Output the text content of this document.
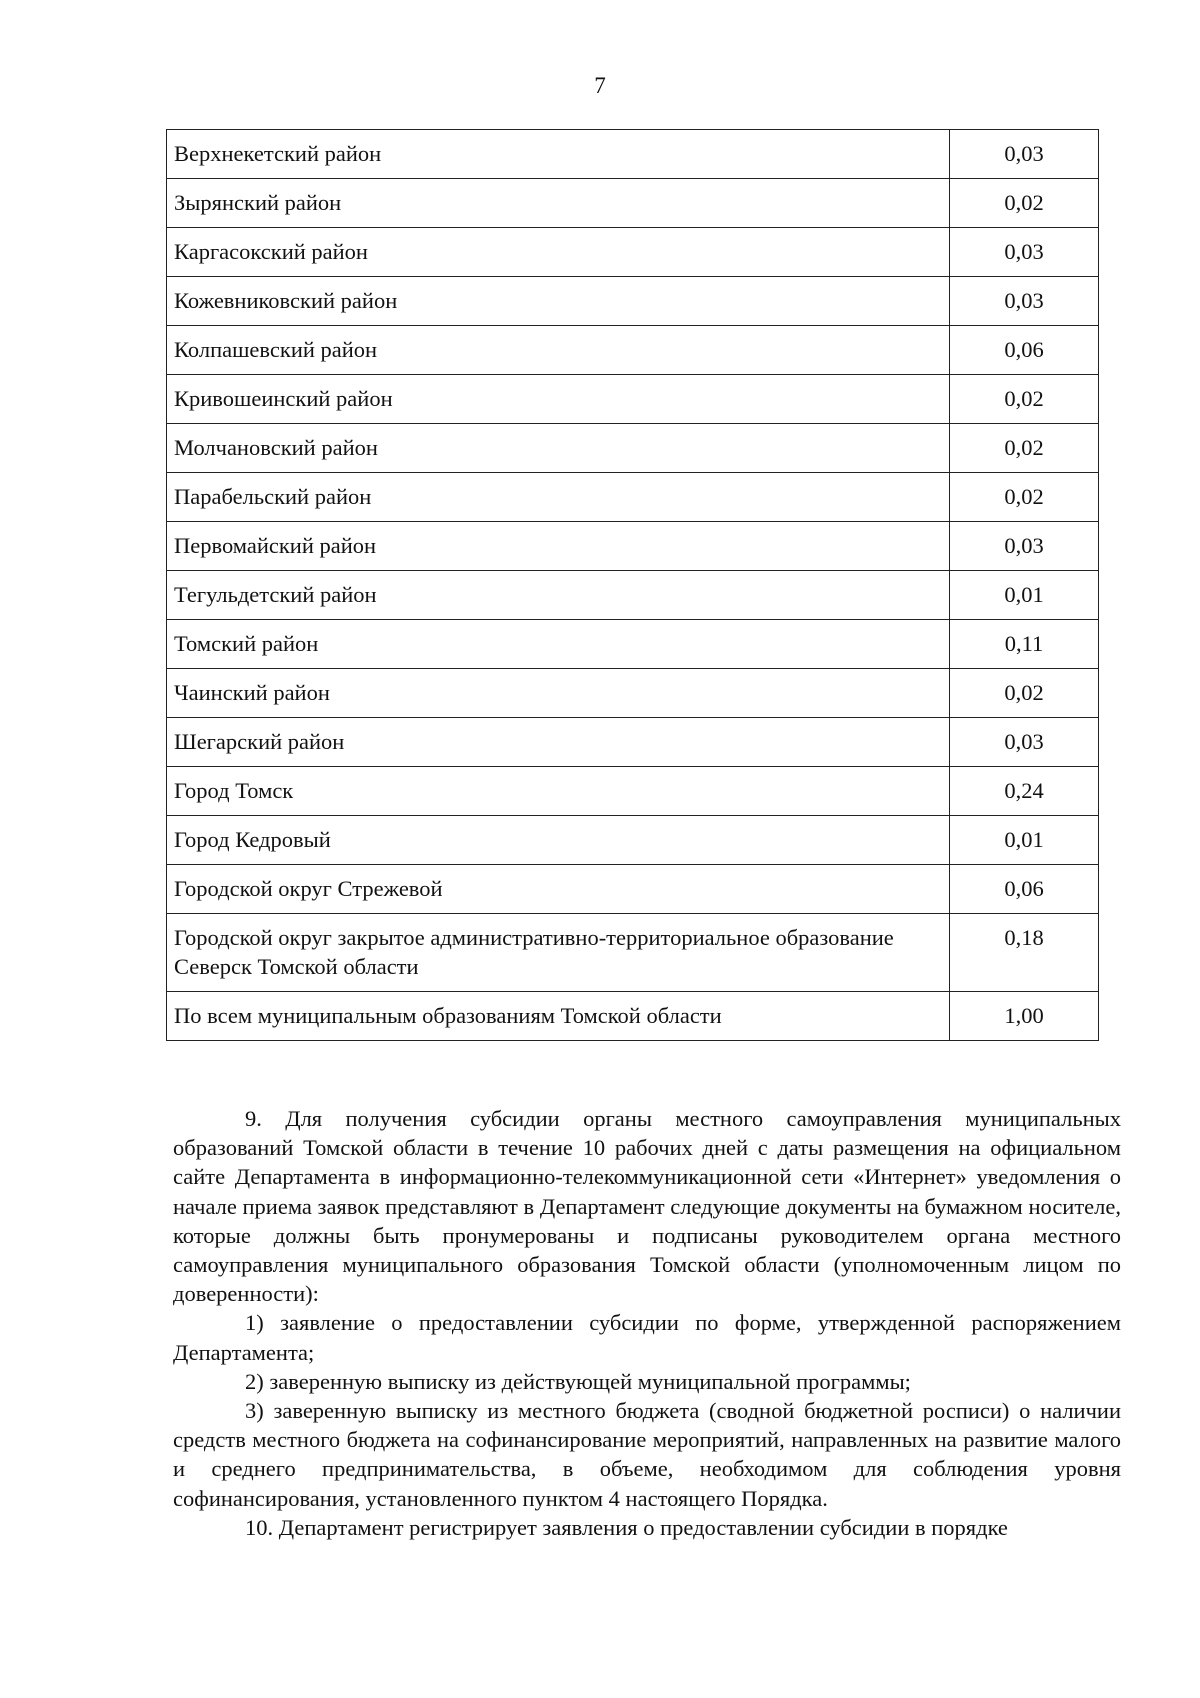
7
Верхнекетский район	0,03
Зырянский район	0,02
Каргасокский район	0,03
Кожевниковский район	0,03
Колпашевский район	0,06
Кривошеинский район	0,02
Молчановский район	0,02
Парабельский район	0,02
Первомайский район	0,03
Тегульдетский район	0,01
Томский район	0,11
Чаинский район	0,02
Шегарский район	0,03
Город Томск	0,24
Город Кедровый	0,01
Городской округ Стрежевой	0,06
Городской округ закрытое административно-территориальное образование Северск Томской области	0,18
По всем муниципальным образованиям Томской области	1,00

9. Для получения субсидии органы местного самоуправления муниципальных образований Томской области в течение 10 рабочих дней с даты размещения на официальном сайте Департамента в информационно-телекоммуникационной сети «Интернет» уведомления о начале приема заявок представляют в Департамент следующие документы на бумажном носителе, которые должны быть пронумерованы и подписаны руководителем органа местного самоуправления муниципального образования Томской области (уполномоченным лицом по доверенности):

1) заявление о предоставлении субсидии по форме, утвержденной распоряжением Департамента;

2) заверенную выписку из действующей муниципальной программы;

3) заверенную выписку из местного бюджета (сводной бюджетной росписи) о наличии средств местного бюджета на софинансирование мероприятий, направленных на развитие малого и среднего предпринимательства, в объеме, необходимом для соблюдения уровня софинансирования, установленного пунктом 4 настоящего Порядка.

10. Департамент регистрирует заявления о предоставлении субсидии в порядке
